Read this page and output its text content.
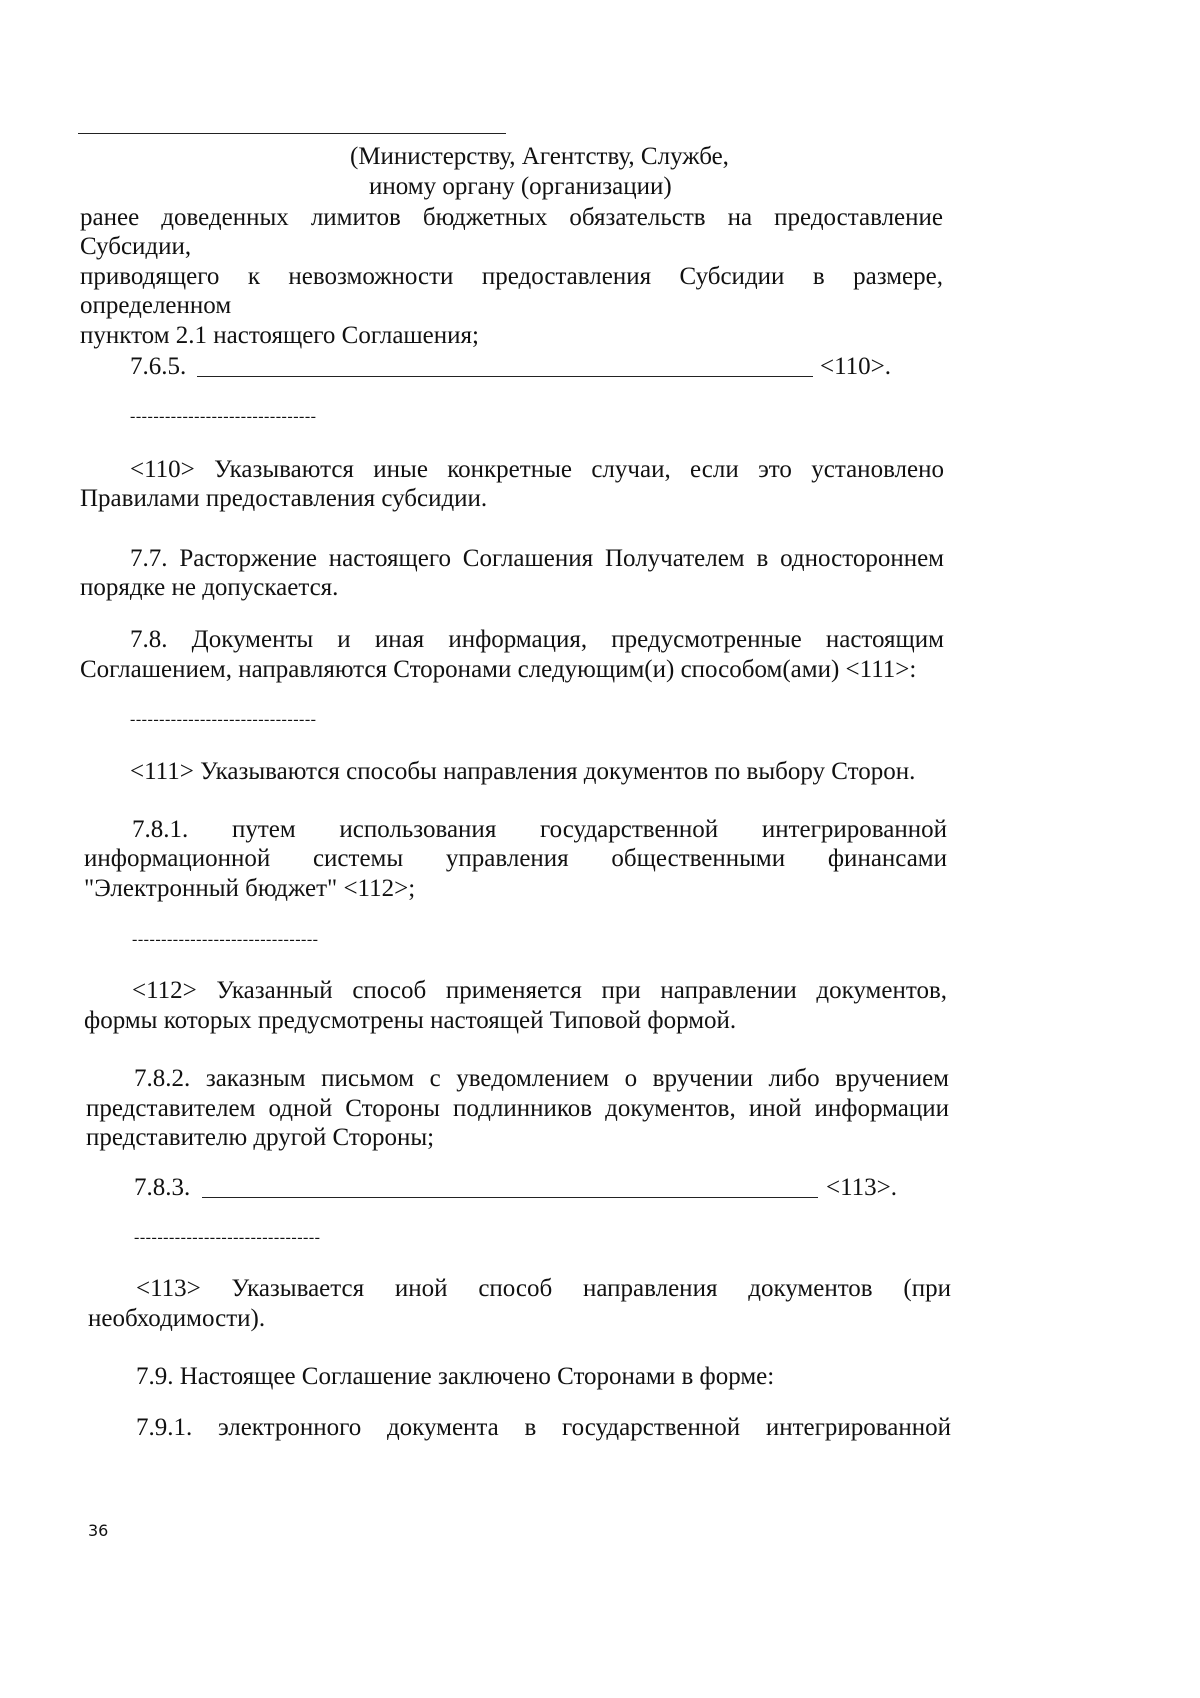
(Министерству, Агентству, Службе,
иному органу (организации)
ранее доведенных лимитов бюджетных обязательств на предоставление
Субсидии,
приводящего к невозможности предоставления Субсидии в размере,
определенном
пунктом 2.1 настоящего Соглашения;
7.6.5.	<110>.
--------------------------------
<110> Указываются иные конкретные случаи, если это установлено
Правилами предоставления субсидии.
7.7. Расторжение настоящего Соглашения Получателем в одностороннем
порядке не допускается.
7.8. Документы и иная информация, предусмотренные настоящим
Соглашением, направляются Сторонами следующим(и) способом(ами) <111>:
--------------------------------
<111> Указываются способы направления документов по выбору Сторон.
7.8.1. путем использования государственной интегрированной
информационной системы управления общественными финансами
"Электронный бюджет" <112>;
--------------------------------
<112> Указанный способ применяется при направлении документов,
формы которых предусмотрены настоящей Типовой формой.
7.8.2. заказным письмом с уведомлением о вручении либо вручением
представителем одной Стороны подлинников документов, иной информации
представителю другой Стороны;
7.8.3.	<113>.
--------------------------------
<113> Указывается иной способ направления документов (при
необходимости).
7.9. Настоящее Соглашение заключено Сторонами в форме:
7.9.1. электронного документа в государственной интегрированной
36
